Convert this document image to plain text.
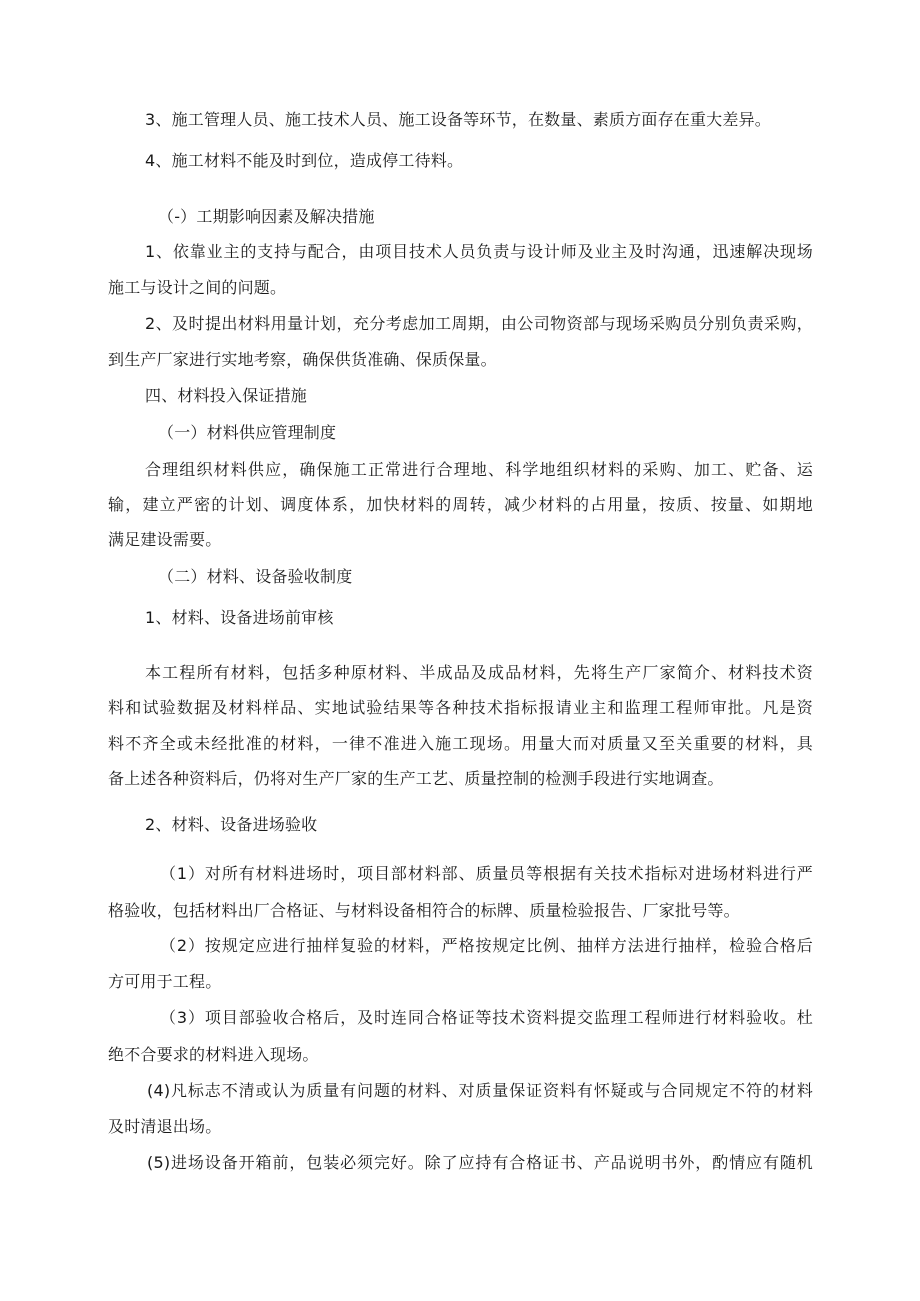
3、施工管理人员、施工技术人员、施工设备等环节，在数量、素质方面存在重大差异。
4、施工材料不能及时到位，造成停工待料。
（-）工期影响因素及解决措施
1、依靠业主的支持与配合，由项目技术人员负责与设计师及业主及时沟通，迅速解决现场
施工与设计之间的问题。
2、及时提出材料用量计划，充分考虑加工周期，由公司物资部与现场采购员分别负责采购，
到生产厂家进行实地考察，确保供货准确、保质保量。
四、材料投入保证措施
（一）材料供应管理制度
合理组织材料供应，确保施工正常进行合理地、科学地组织材料的采购、加工、贮备、运
输，建立严密的计划、调度体系，加快材料的周转，减少材料的占用量，按质、按量、如期地
满足建设需要。
（二）材料、设备验收制度
1、材料、设备进场前审核
本工程所有材料，包括多种原材料、半成品及成品材料，先将生产厂家简介、材料技术资
料和试验数据及材料样品、实地试验结果等各种技术指标报请业主和监理工程师审批。凡是资
料不齐全或未经批准的材料，一律不准进入施工现场。用量大而对质量又至关重要的材料，具
备上述各种资料后，仍将对生产厂家的生产工艺、质量控制的检测手段进行实地调查。
2、材料、设备进场验收
（1）对所有材料进场时，项目部材料部、质量员等根据有关技术指标对进场材料进行严
格验收，包括材料出厂合格证、与材料设备相符合的标牌、质量检验报告、厂家批号等。
（2）按规定应进行抽样复验的材料，严格按规定比例、抽样方法进行抽样，检验合格后
方可用于工程。
（3）项目部验收合格后，及时连同合格证等技术资料提交监理工程师进行材料验收。杜
绝不合要求的材料进入现场。
(4)凡标志不清或认为质量有问题的材料、对质量保证资料有怀疑或与合同规定不符的材料
及时清退出场。
(5)进场设备开箱前，包装必须完好。除了应持有合格证书、产品说明书外，酌情应有随机
